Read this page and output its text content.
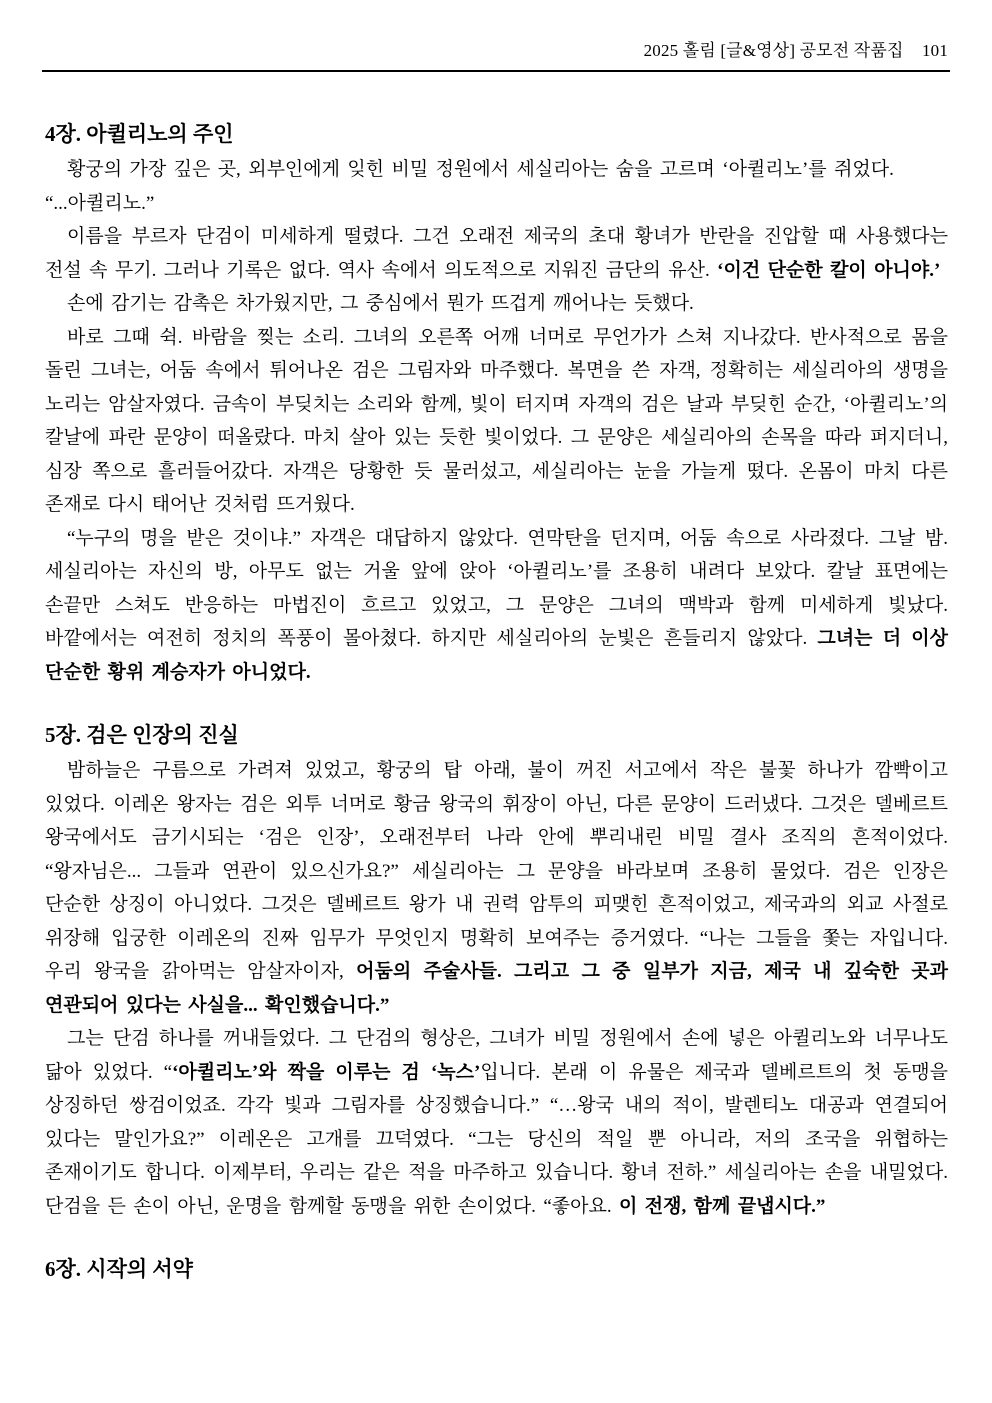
2025 홀림 [글&영상] 공모전 작품집 101
4장. 아퀼리노의 주인

황궁의 가장 깊은 곳, 외부인에게 잊힌 비밀 정원에서 세실리아는 숨을 고르며 ‘아퀼리노’를 쥐었다.

“...아퀼리노.”

이름을 부르자 단검이 미세하게 떨렸다. 그건 오래전 제국의 초대 황녀가 반란을 진압할 때 사용했다는 전설 속 무기. 그러나 기록은 없다. 역사 속에서 의도적으로 지워진 금단의 유산. ‘이건 단순한 칼이 아니야.’

손에 감기는 감촉은 차가웠지만, 그 중심에서 뭔가 뜨겁게 깨어나는 듯했다.

바로 그때 쉭. 바람을 찢는 소리. 그녀의 오른쪽 어깨 너머로 무언가가 스쳐 지나갔다. 반사적으로 몸을 돌린 그녀는, 어둠 속에서 튀어나온 검은 그림자와 마주했다. 복면을 쓴 자객, 정확히는 세실리아의 생명을 노리는 암살자였다. 금속이 부딪치는 소리와 함께, 빛이 터지며 자객의 검은 날과 부딪힌 순간, ‘아퀼리노’의 칼날에 파란 문양이 떠올랐다. 마치 살아 있는 듯한 빛이었다. 그 문양은 세실리아의 손목을 따라 퍼지더니, 심장 쪽으로 흘러들어갔다. 자객은 당황한 듯 물러섰고, 세실리아는 눈을 가늘게 떴다. 온몸이 마치 다른 존재로 다시 태어난 것처럼 뜨거웠다.

“누구의 명을 받은 것이냐.” 자객은 대답하지 않았다. 연막탄을 던지며, 어둠 속으로 사라졌다. 그날 밤. 세실리아는 자신의 방, 아무도 없는 거울 앞에 앉아 ‘아퀼리노’를 조용히 내려다 보았다. 칼날 표면에는 손끝만 스쳐도 반응하는 마법진이 흐르고 있었고, 그 문양은 그녀의 맥박과 함께 미세하게 빛났다. 바깥에서는 여전히 정치의 폭풍이 몰아쳤다. 하지만 세실리아의 눈빛은 흔들리지 않았다. 그녀는 더 이상 단순한 황위 계승자가 아니었다.

5장. 검은 인장의 진실

밤하늘은 구름으로 가려져 있었고, 황궁의 탑 아래, 불이 꺼진 서고에서 작은 불꽃 하나가 깜빡이고 있었다. 이레온 왕자는 검은 외투 너머로 황금 왕국의 휘장이 아닌, 다른 문양이 드러냈다. 그것은 델베르트 왕국에서도 금기시되는 ‘검은 인장’, 오래전부터 나라 안에 뿌리내린 비밀 결사 조직의 흔적이었다. “왕자님은... 그들과 연관이 있으신가요?” 세실리아는 그 문양을 바라보며 조용히 물었다. 검은 인장은 단순한 상징이 아니었다. 그것은 델베르트 왕가 내 권력 암투의 피맺힌 흔적이었고, 제국과의 외교 사절로 위장해 입궁한 이레온의 진짜 임무가 무엇인지 명확히 보여주는 증거였다. “나는 그들을 쫓는 자입니다. 우리 왕국을 갉아먹는 암살자이자, 어둠의 주술사들. 그리고 그 중 일부가 지금, 제국 내 깊숙한 곳과 연관되어 있다는 사실을... 확인했습니다.”

그는 단검 하나를 꺼내들었다. 그 단검의 형상은, 그녀가 비밀 정원에서 손에 넣은 아퀼리노와 너무나도 닮아 있었다. “‘아퀼리노’와 짝을 이루는 검 ‘녹스’입니다. 본래 이 유물은 제국과 델베르트의 첫 동맹을 상징하던 쌍검이었죠. 각각 빛과 그림자를 상징했습니다.” “…왕국 내의 적이, 발렌티노 대공과 연결되어 있다는 말인가요?” 이레온은 고개를 끄덕였다. “그는 당신의 적일 뿐 아니라, 저의 조국을 위협하는 존재이기도 합니다. 이제부터, 우리는 같은 적을 마주하고 있습니다. 황녀 전하.” 세실리아는 손을 내밀었다. 단검을 든 손이 아닌, 운명을 함께할 동맹을 위한 손이었다. “좋아요. 이 전쟁, 함께 끝냅시다.”

6장. 시작의 서약
